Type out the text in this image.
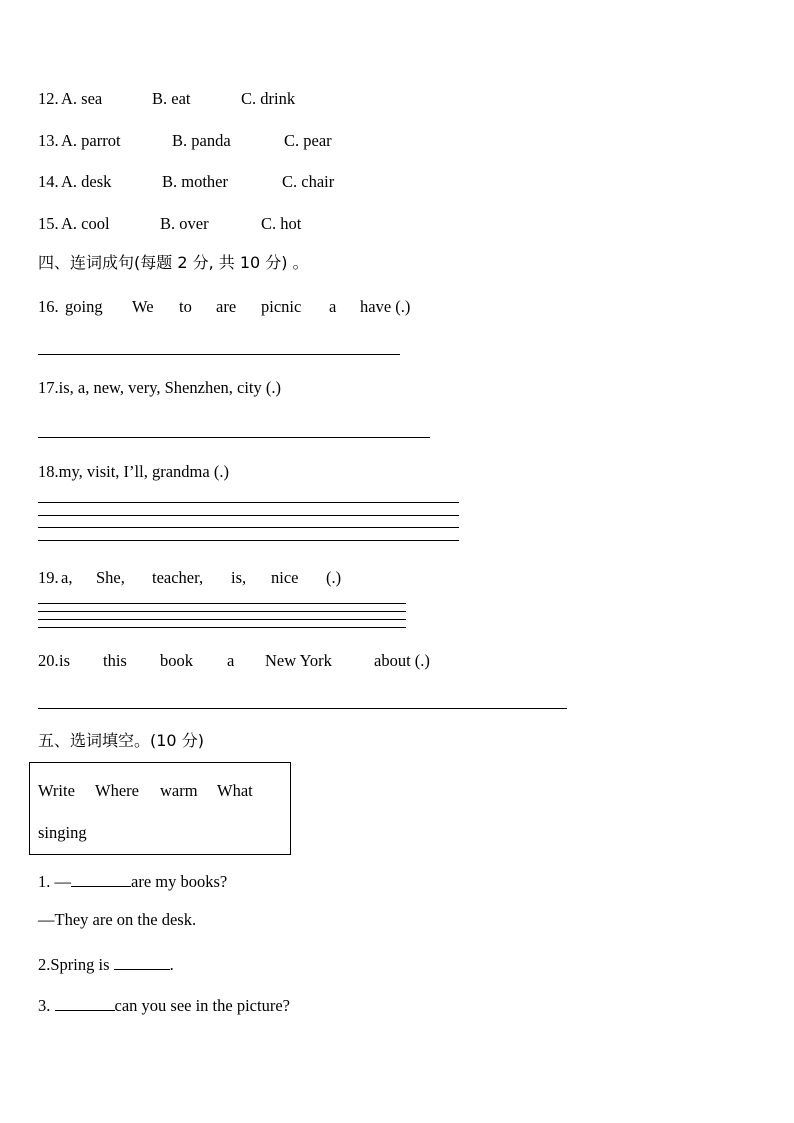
12. A. sea	B. eat	C. drink
13. A. parrot	B. panda	C. pear
14. A. desk	B. mother	C. chair
15. A. cool	B. over	C. hot
四、连词成句(每题 2 分, 共 10 分) 。
16. going We to are picnic a have (.)
17.is, a, new, very, Shenzhen, city (.)
18.my, visit, I’ll, grandma (.)
19. a, She, teacher, is, nice (.)
20. is this book a New York	about (.)
五、选词填空。(10 分)
Write Where warm What
singing
1. —	are my books?
—They are on the desk.
2.Spring is	.
3.	can you see in the picture?
